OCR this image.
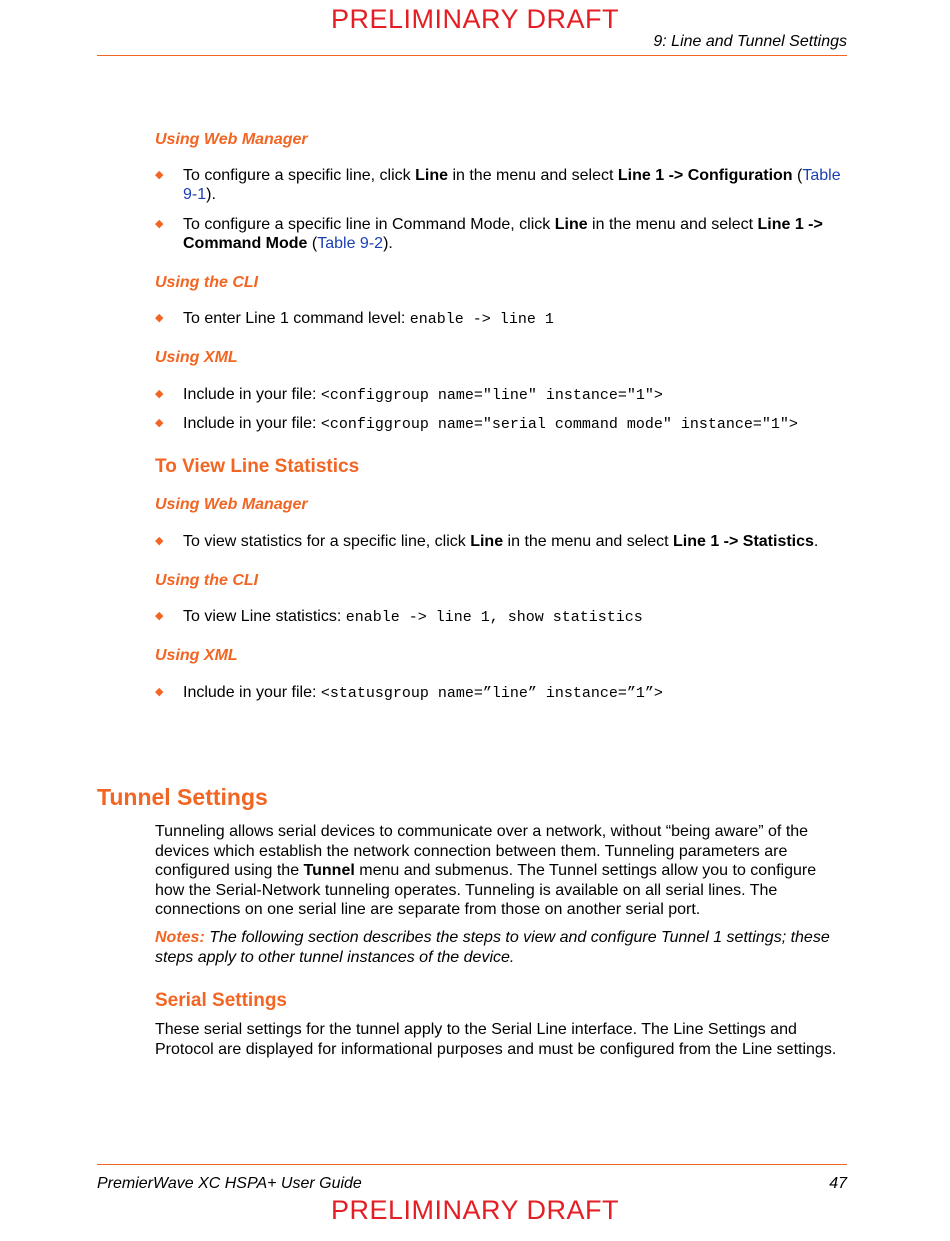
PRELIMINARY DRAFT
9: Line and Tunnel Settings
Using Web Manager
◆ To configure a specific line, click Line in the menu and select Line 1 -> Configuration (Table 9-1).
◆ To configure a specific line in Command Mode, click Line in the menu and select Line 1 -> Command Mode (Table 9-2).
Using the CLI
◆ To enter Line 1 command level: enable -> line 1
Using XML
◆ Include in your file: <configgroup name="line" instance="1">
◆ Include in your file: <configgroup name="serial command mode" instance="1">
To View Line Statistics
Using Web Manager
◆ To view statistics for a specific line, click Line in the menu and select Line 1 -> Statistics.
Using the CLI
◆ To view Line statistics: enable -> line 1, show statistics
Using XML
◆ Include in your file: <statusgroup name=”line” instance=”1”>
Tunnel Settings
Tunneling allows serial devices to communicate over a network, without “being aware” of the devices which establish the network connection between them. Tunneling parameters are configured using the Tunnel menu and submenus. The Tunnel settings allow you to configure how the Serial-Network tunneling operates. Tunneling is available on all serial lines. The connections on one serial line are separate from those on another serial port.
Notes: The following section describes the steps to view and configure Tunnel 1 settings; these steps apply to other tunnel instances of the device.
Serial Settings
These serial settings for the tunnel apply to the Serial Line interface. The Line Settings and Protocol are displayed for informational purposes and must be configured from the Line settings.
PremierWave XC HSPA+ User Guide	47
PRELIMINARY DRAFT
